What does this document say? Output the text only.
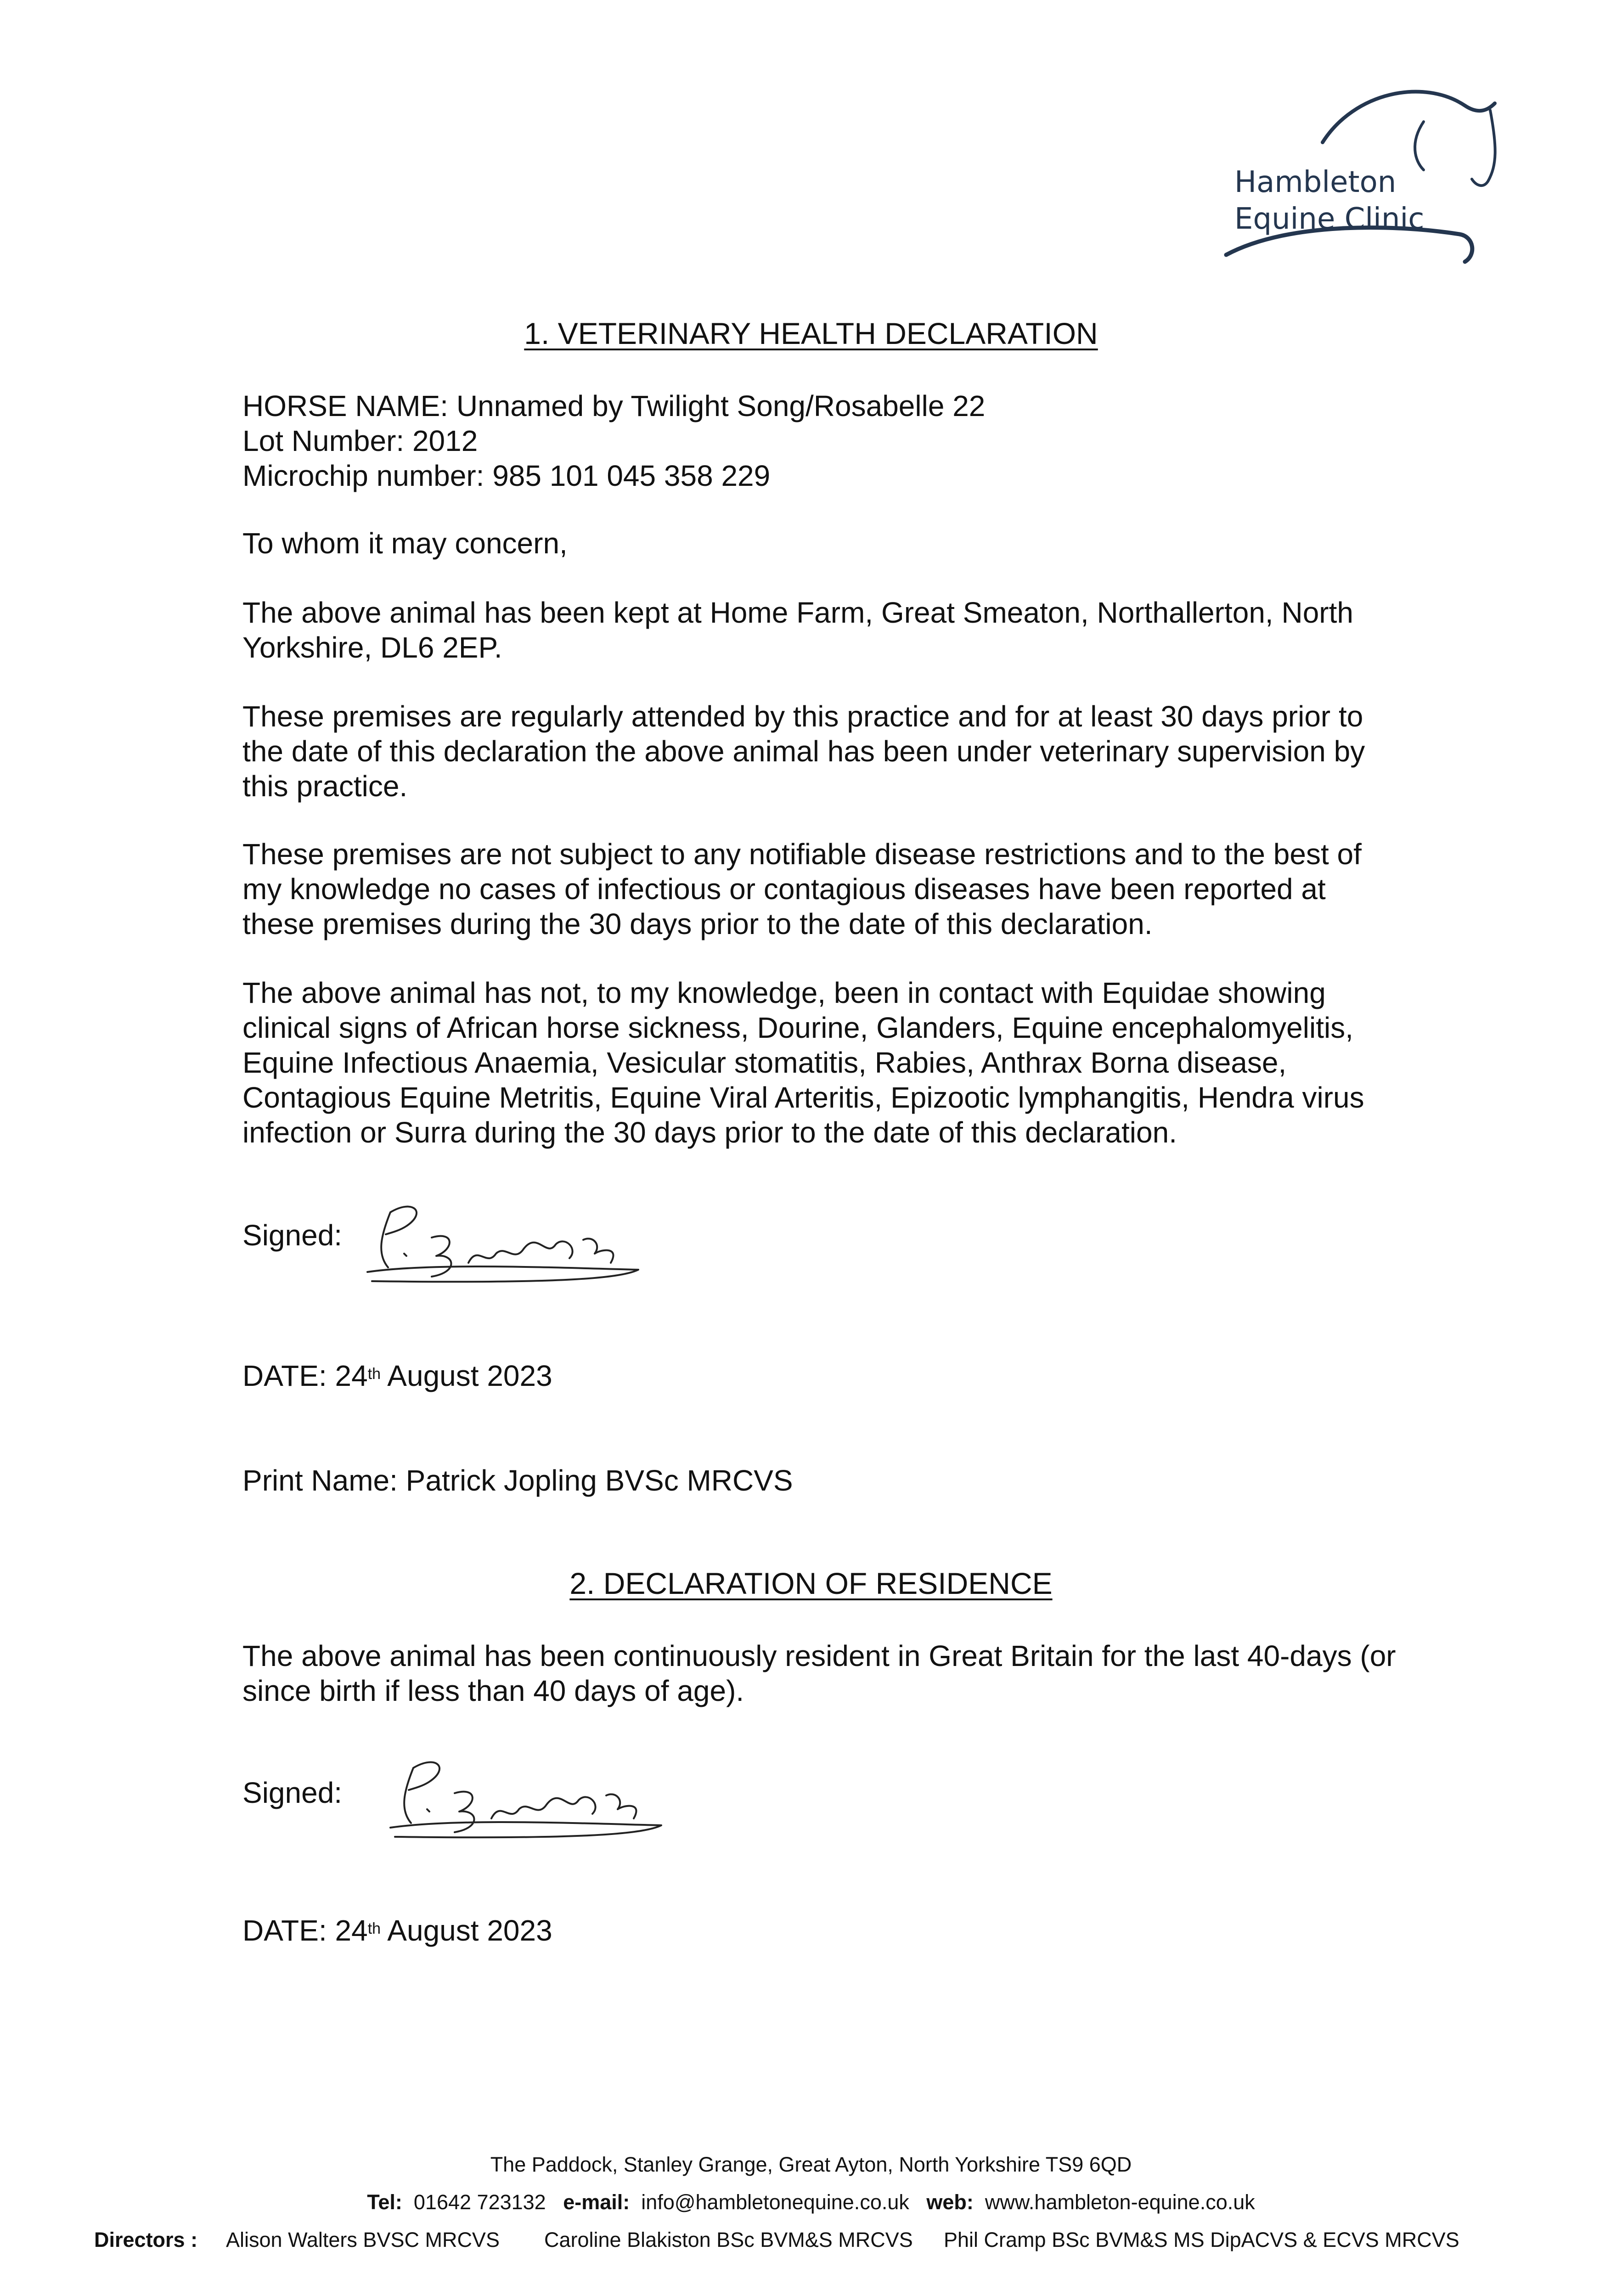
Hambleton
Equine Clinic
1. VETERINARY HEALTH DECLARATION
HORSE NAME: Unnamed by Twilight Song/Rosabelle 22
Lot Number: 2012
Microchip number: 985 101 045 358 229
To whom it may concern,
The above animal has been kept at Home Farm, Great Smeaton, Northallerton, North Yorkshire, DL6 2EP.
These premises are regularly attended by this practice and for at least 30 days prior to the date of this declaration the above animal has been under veterinary supervision by this practice.
These premises are not subject to any notifiable disease restrictions and to the best of my knowledge no cases of infectious or contagious diseases have been reported at these premises during the 30 days prior to the date of this declaration.
The above animal has not, to my knowledge, been in contact with Equidae showing clinical signs of African horse sickness, Dourine, Glanders, Equine encephalomyelitis, Equine Infectious Anaemia, Vesicular stomatitis, Rabies, Anthrax Borna disease, Contagious Equine Metritis, Equine Viral Arteritis, Epizootic lymphangitis, Hendra virus infection or Surra during the 30 days prior to the date of this declaration.
Signed:
DATE: 24th August 2023
Print Name: Patrick Jopling BVSc MRCVS
2. DECLARATION OF RESIDENCE
The above animal has been continuously resident in Great Britain for the last 40-days (or since birth if less than 40 days of age).
Signed:
DATE: 24th August 2023
The Paddock, Stanley Grange, Great Ayton, North Yorkshire TS9 6QD
Tel: 01642 723132 e-mail: info@hambletonequine.co.uk web: www.hambleton-equine.co.uk
Directors : Alison Walters BVSC MRCVS Caroline Blakiston BSc BVM&S MRCVS Phil Cramp BSc BVM&S MS DipACVS & ECVS MRCVS
